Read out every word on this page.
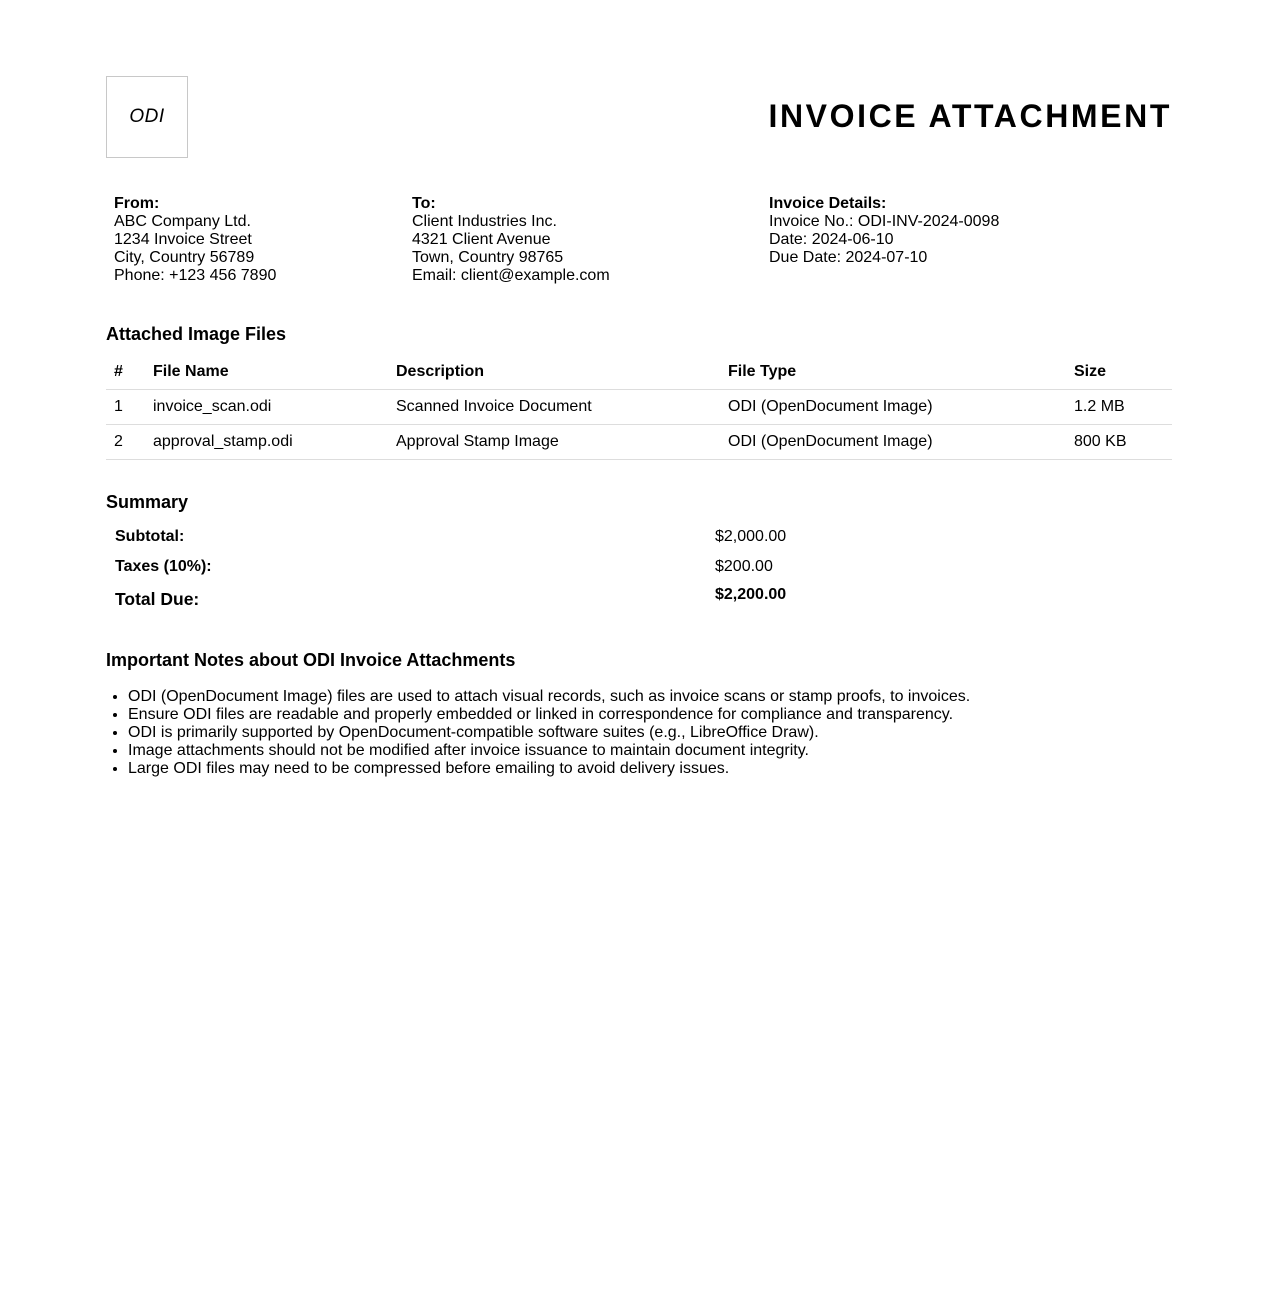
ODI	INVOICE ATTACHMENT
From:
ABC Company Ltd.
1234 Invoice Street
City, Country 56789
Phone: +123 456 7890
To:
Client Industries Inc.
4321 Client Avenue
Town, Country 98765
Email: client@example.com
Invoice Details:
Invoice No.: ODI-INV-2024-0098
Date: 2024-06-10
Due Date: 2024-07-10
Attached Image Files
#	File Name	Description	File Type	Size
1	invoice_scan.odi	Scanned Invoice Document	ODI (OpenDocument Image)	1.2 MB
2	approval_stamp.odi	Approval Stamp Image	ODI (OpenDocument Image)	800 KB
Summary
Subtotal:	$2,000.00
Taxes (10%):	$200.00
Total Due:	$2,200.00
Important Notes about ODI Invoice Attachments
• ODI (OpenDocument Image) files are used to attach visual records, such as invoice scans or stamp proofs, to invoices.
• Ensure ODI files are readable and properly embedded or linked in correspondence for compliance and transparency.
• ODI is primarily supported by OpenDocument-compatible software suites (e.g., LibreOffice Draw).
• Image attachments should not be modified after invoice issuance to maintain document integrity.
• Large ODI files may need to be compressed before emailing to avoid delivery issues.
